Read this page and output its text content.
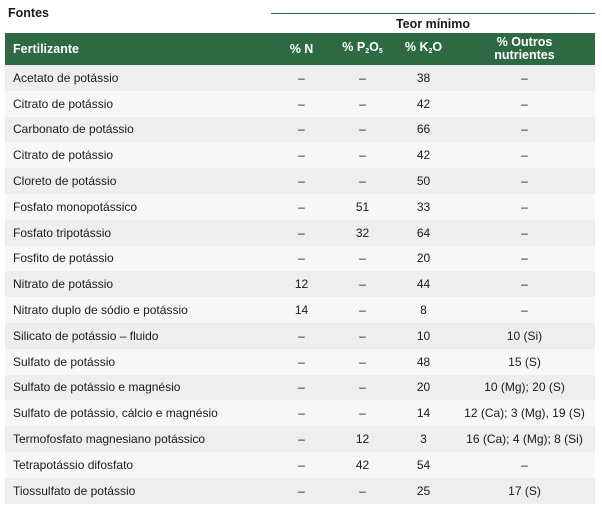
Fontes
Teor mínimo
Fertilizante	% N	% $P_2O_5$	% $K_2O$	% Outros
nutrientes
Acetato de potássio	–	–	38	–
Citrato de potássio	–	–	42	–
Carbonato de potássio	–	–	66	–
Citrato de potássio	–	–	42	–
Cloreto de potássio	–	–	50	–
Fosfato monopotássico	–	51	33	–
Fosfato tripotássio	–	32	64	–
Fosfito de potássio	–	–	20	–
Nitrato de potássio	12	–	44	–
Nitrato duplo de sódio e potássio	14	–	8	–
Silicato de potássio – fluido	–	–	10	10 (Si)
Sulfato de potássio	–	–	48	15 (S)
Sulfato de potássio e magnésio	–	–	20	10 (Mg); 20 (S)
Sulfato de potássio, cálcio e magnésio	–	–	14	12 (Ca); 3 (Mg), 19 (S)
Termofosfato magnesiano potássico	–	12	3	16 (Ca); 4 (Mg); 8 (Si)
Tetrapotássio difosfato	–	42	54	–
Tiossulfato de potássio	–	–	25	17 (S)
